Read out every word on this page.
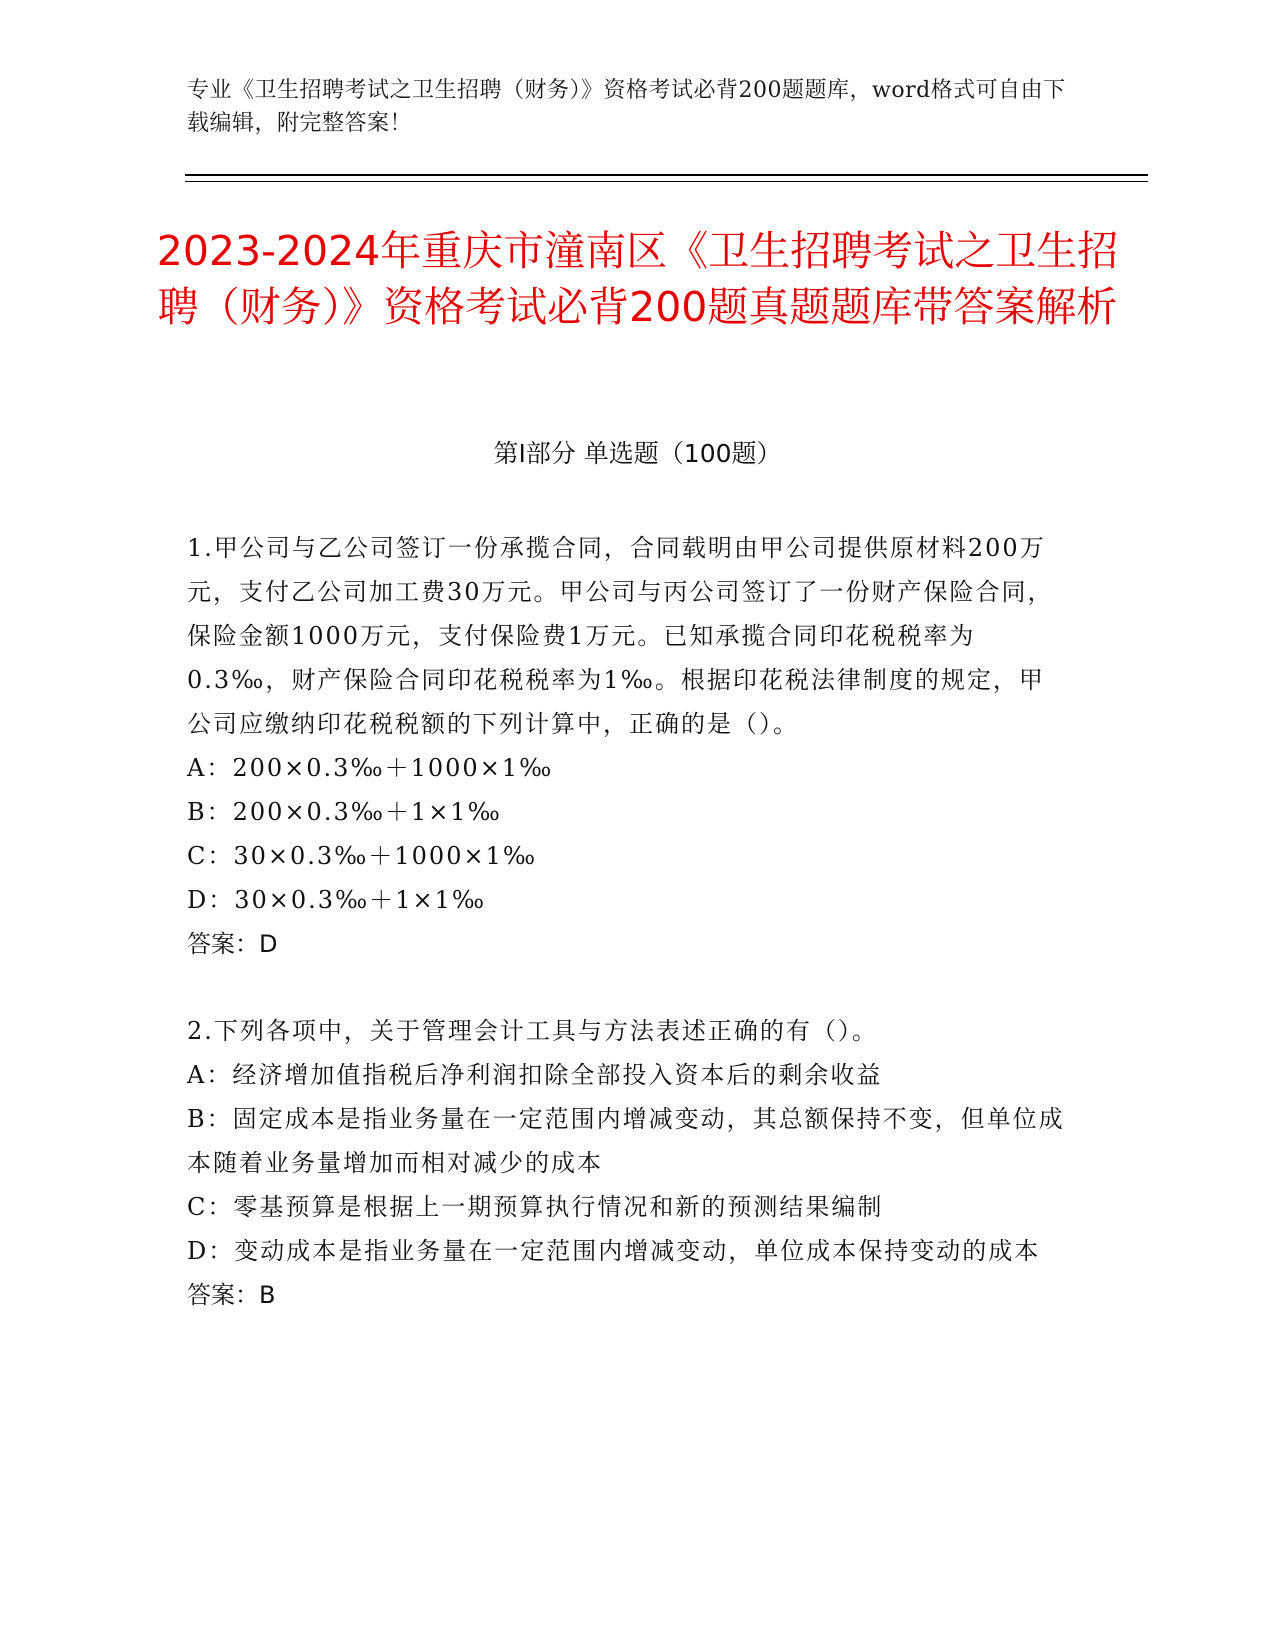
专业《卫生招聘考试之卫生招聘（财务）》资格考试必背200题题库，word格式可自由下载编辑，附完整答案！
2023-2024年重庆市潼南区《卫生招聘考试之卫生招聘（财务）》资格考试必背200题真题题库带答案解析
第Ⅰ部分 单选题（100题）

1.甲公司与乙公司签订一份承揽合同，合同载明由甲公司提供原材料200万元，支付乙公司加工费30万元。甲公司与丙公司签订了一份财产保险合同，保险金额1000万元，支付保险费1万元。已知承揽合同印花税税率为0.3‰，财产保险合同印花税税率为1‰。根据印花税法律制度的规定，甲公司应缴纳印花税税额的下列计算中，正确的是（）。

A：200×0.3‰＋1000×1‰

B：200×0.3‰＋1×1‰

C：30×0.3‰＋1000×1‰

D：30×0.3‰＋1×1‰

答案：D

2.下列各项中，关于管理会计工具与方法表述正确的有（）。

A：经济增加值指税后净利润扣除全部投入资本后的剩余收益

B：固定成本是指业务量在一定范围内增减变动，其总额保持不变，但单位成本随着业务量增加而相对减少的成本

C：零基预算是根据上一期预算执行情况和新的预测结果编制

D：变动成本是指业务量在一定范围内增减变动，单位成本保持变动的成本

答案：B
